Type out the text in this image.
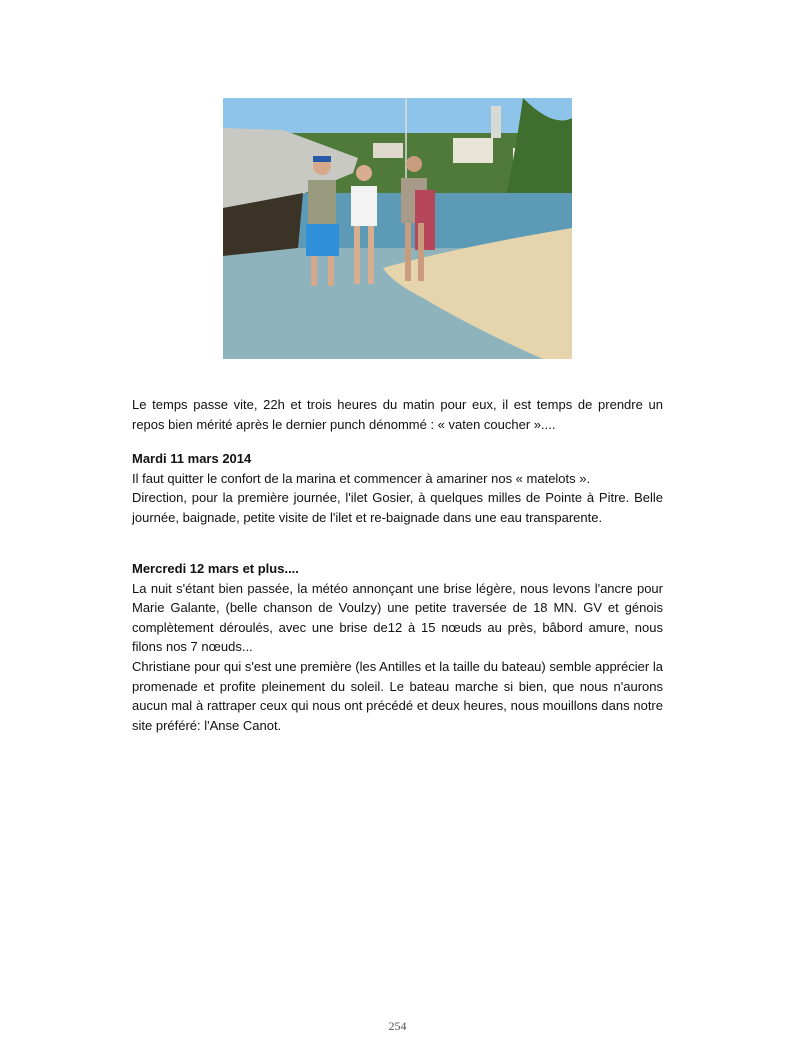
Le temps passe vite, 22h et trois heures du matin pour eux, il est temps de prendre un repos bien mérité après le dernier punch dénommé : « vaten coucher »....

Mardi 11 mars 2014

Il faut quitter le confort de la marina et commencer à amariner nos « matelots ».

Direction, pour la première journée, l'ilet Gosier, à quelques milles de Pointe à Pitre. Belle journée, baignade, petite visite de l'ilet et re-baignade dans une eau transparente.

Mercredi 12 mars et plus....

La nuit s'étant bien passée, la météo annonçant une brise légère, nous levons l'ancre pour Marie Galante, (belle chanson de Voulzy) une petite traversée de 18 MN. GV et génois complètement déroulés, avec une brise de12 à 15 nœuds au près, bâbord amure, nous filons nos 7 nœuds...

Christiane pour qui s'est une première (les Antilles et la taille du bateau) semble apprécier la promenade et profite pleinement du soleil. Le bateau marche si bien, que nous n'aurons aucun mal à rattraper ceux qui nous ont précédé et deux heures, nous mouillons dans notre site préféré: l'Anse Canot.

254
